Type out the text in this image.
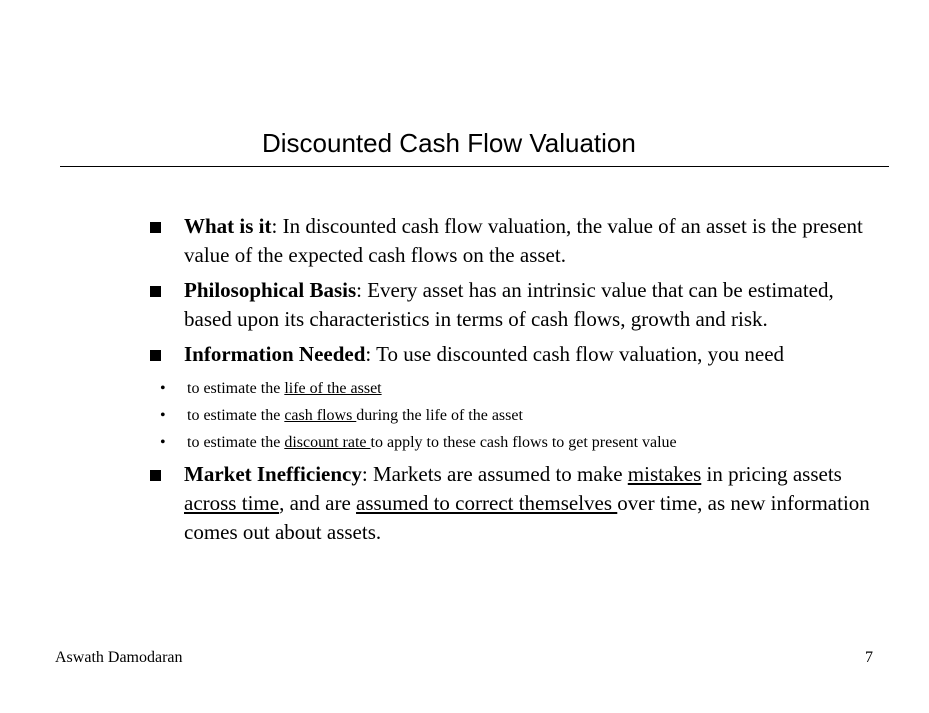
Discounted Cash Flow Valuation
What is it: In discounted cash flow valuation, the value of an asset is the present value of the expected cash flows on the asset.
Philosophical Basis: Every asset has an intrinsic value that can be estimated, based upon its characteristics in terms of cash flows, growth and risk.
Information Needed: To use discounted cash flow valuation, you need
• to estimate the life of the asset
• to estimate the cash flows during the life of the asset
• to estimate the discount rate to apply to these cash flows to get present value
Market Inefficiency: Markets are assumed to make mistakes in pricing assets across time, and are assumed to correct themselves over time, as new information comes out about assets.
Aswath Damodaran	7
